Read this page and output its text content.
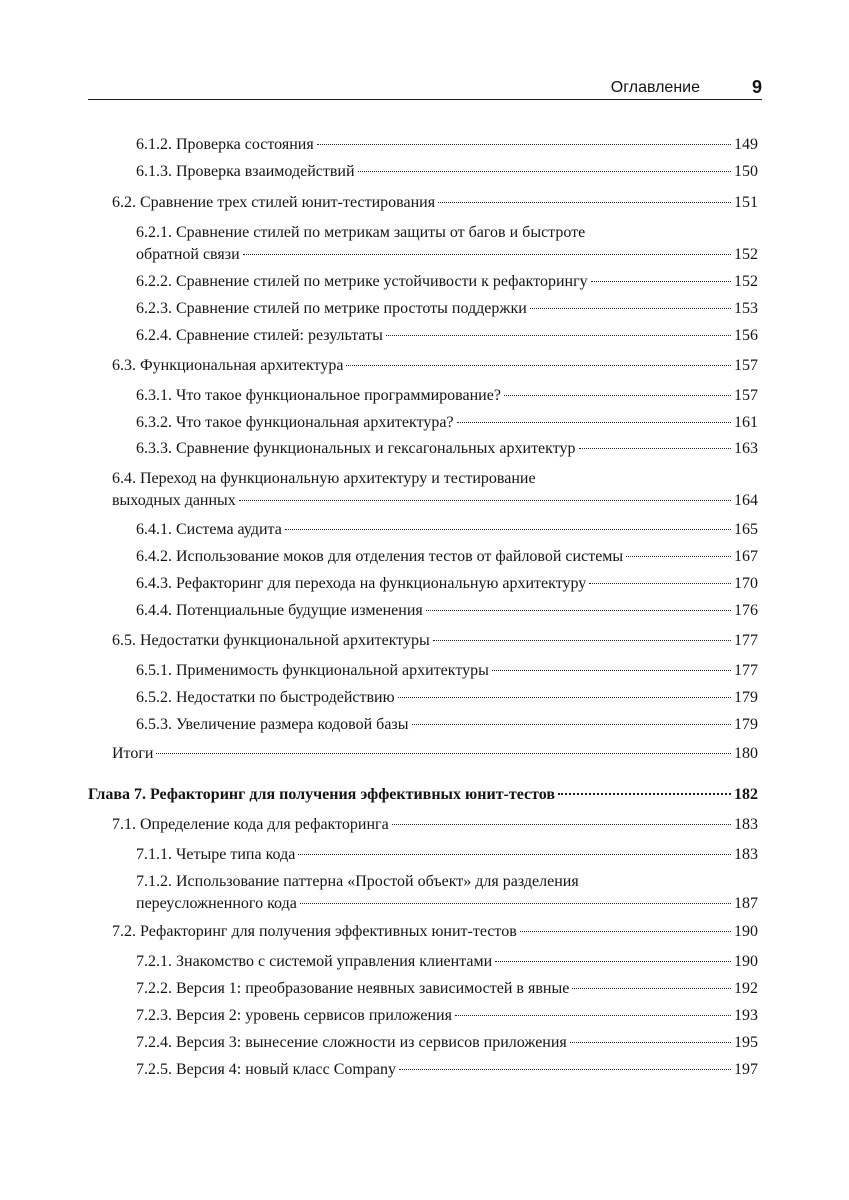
Оглавление	9
6.1.2. Проверка состояния	149
6.1.3. Проверка взаимодействий	150
6.2. Сравнение трех стилей юнит-тестирования	151
6.2.1. Сравнение стилей по метрикам защиты от багов и быстроте
обратной связи	152
6.2.2. Сравнение стилей по метрике устойчивости к рефакторингу	152
6.2.3. Сравнение стилей по метрике простоты поддержки	153
6.2.4. Сравнение стилей: результаты	156
6.3. Функциональная архитектура	157
6.3.1. Что такое функциональное программирование?	157
6.3.2. Что такое функциональная архитектура?	161
6.3.3. Сравнение функциональных и гексагональных архитектур	163
6.4. Переход на функциональную архитектуру и тестирование
выходных данных	164
6.4.1. Система аудита	165
6.4.2. Использование моков для отделения тестов от файловой системы	167
6.4.3. Рефакторинг для перехода на функциональную архитектуру	170
6.4.4. Потенциальные будущие изменения	176
6.5. Недостатки функциональной архитектуры	177
6.5.1. Применимость функциональной архитектуры	177
6.5.2. Недостатки по быстродействию	179
6.5.3. Увеличение размера кодовой базы	179
Итоги	180
Глава 7. Рефакторинг для получения эффективных юнит-тестов	182
7.1. Определение кода для рефакторинга	183
7.1.1. Четыре типа кода	183
7.1.2. Использование паттерна «Простой объект» для разделения
переусложненного кода	187
7.2. Рефакторинг для получения эффективных юнит-тестов	190
7.2.1. Знакомство с системой управления клиентами	190
7.2.2. Версия 1: преобразование неявных зависимостей в явные	192
7.2.3. Версия 2: уровень сервисов приложения	193
7.2.4. Версия 3: вынесение сложности из сервисов приложения	195
7.2.5. Версия 4: новый класс Company	197
